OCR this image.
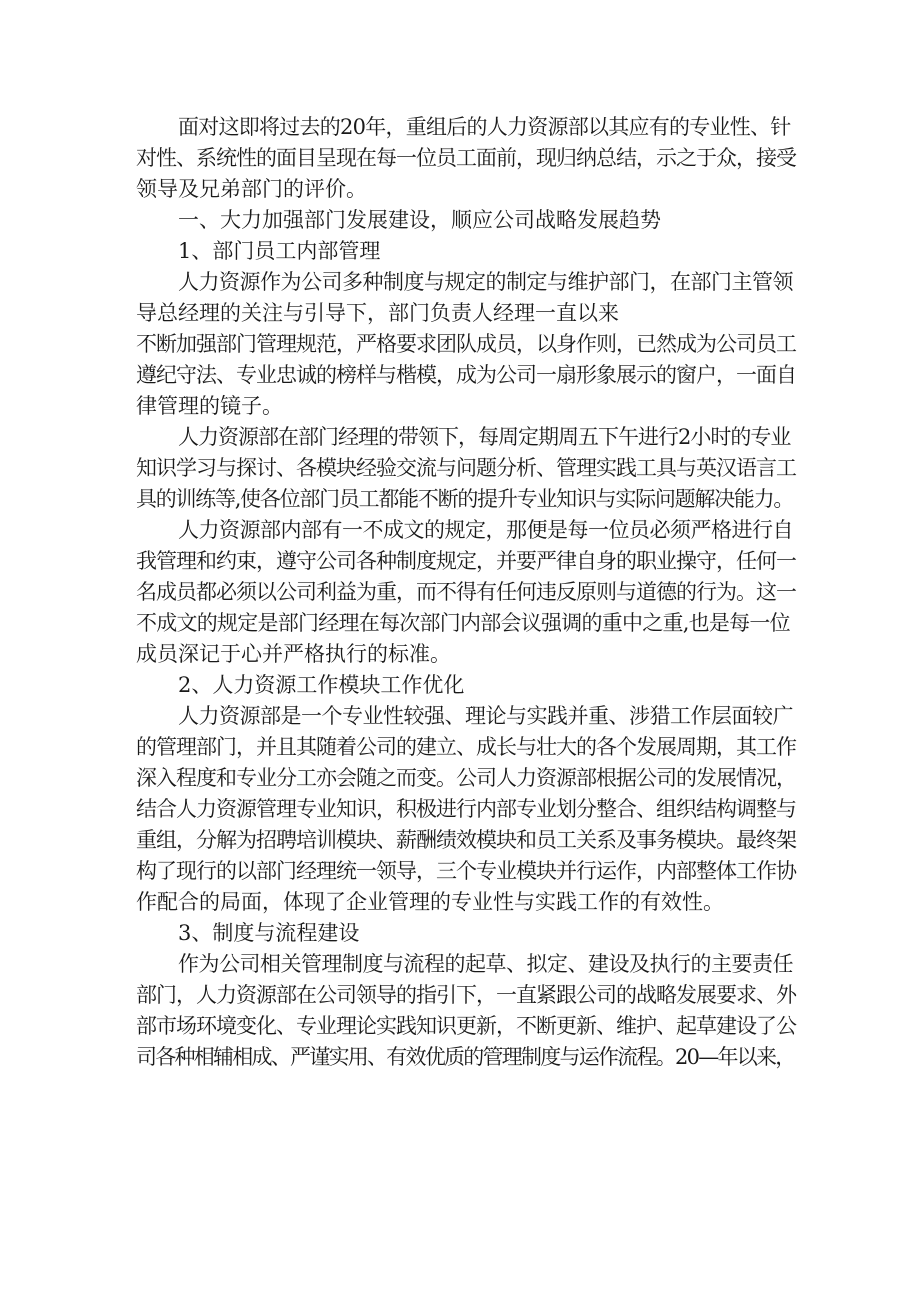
面对这即将过去的20年，重组后的人力资源部以其应有的专业性、针
对性、系统性的面目呈现在每一位员工面前，现归纳总结，示之于众，接受
领导及兄弟部门的评价。

一、大力加强部门发展建设，顺应公司战略发展趋势

1、部门员工内部管理

人力资源作为公司多种制度与规定的制定与维护部门，在部门主管领
导总经理的关注与引导下，部门负责人经理一直以来
不断加强部门管理规范，严格要求团队成员，以身作则，已然成为公司员工
遵纪守法、专业忠诚的榜样与楷模，成为公司一扇形象展示的窗户，一面自
律管理的镜子。

人力资源部在部门经理的带领下，每周定期周五下午进行2小时的专业
知识学习与探讨、各模块经验交流与问题分析、管理实践工具与英汉语言工
具的训练等,使各位部门员工都能不断的提升专业知识与实际问题解决能力。

人力资源部内部有一不成文的规定，那便是每一位员必须严格进行自
我管理和约束，遵守公司各种制度规定，并要严律自身的职业操守，任何一
名成员都必须以公司利益为重，而不得有任何违反原则与道德的行为。这一
不成文的规定是部门经理在每次部门内部会议强调的重中之重,也是每一位
成员深记于心并严格执行的标准。

2、人力资源工作模块工作优化

人力资源部是一个专业性较强、理论与实践并重、涉猎工作层面较广
的管理部门，并且其随着公司的建立、成长与壮大的各个发展周期，其工作
深入程度和专业分工亦会随之而变。公司人力资源部根据公司的发展情况，
结合人力资源管理专业知识，积极进行内部专业划分整合、组织结构调整与
重组，分解为招聘培训模块、薪酬绩效模块和员工关系及事务模块。最终架
构了现行的以部门经理统一领导，三个专业模块并行运作，内部整体工作协
作配合的局面，体现了企业管理的专业性与实践工作的有效性。

3、制度与流程建设

作为公司相关管理制度与流程的起草、拟定、建设及执行的主要责任
部门，人力资源部在公司领导的指引下，一直紧跟公司的战略发展要求、外
部市场环境变化、专业理论实践知识更新，不断更新、维护、起草建设了公
司各种相辅相成、严谨实用、有效优质的管理制度与运作流程。20—年以来，
